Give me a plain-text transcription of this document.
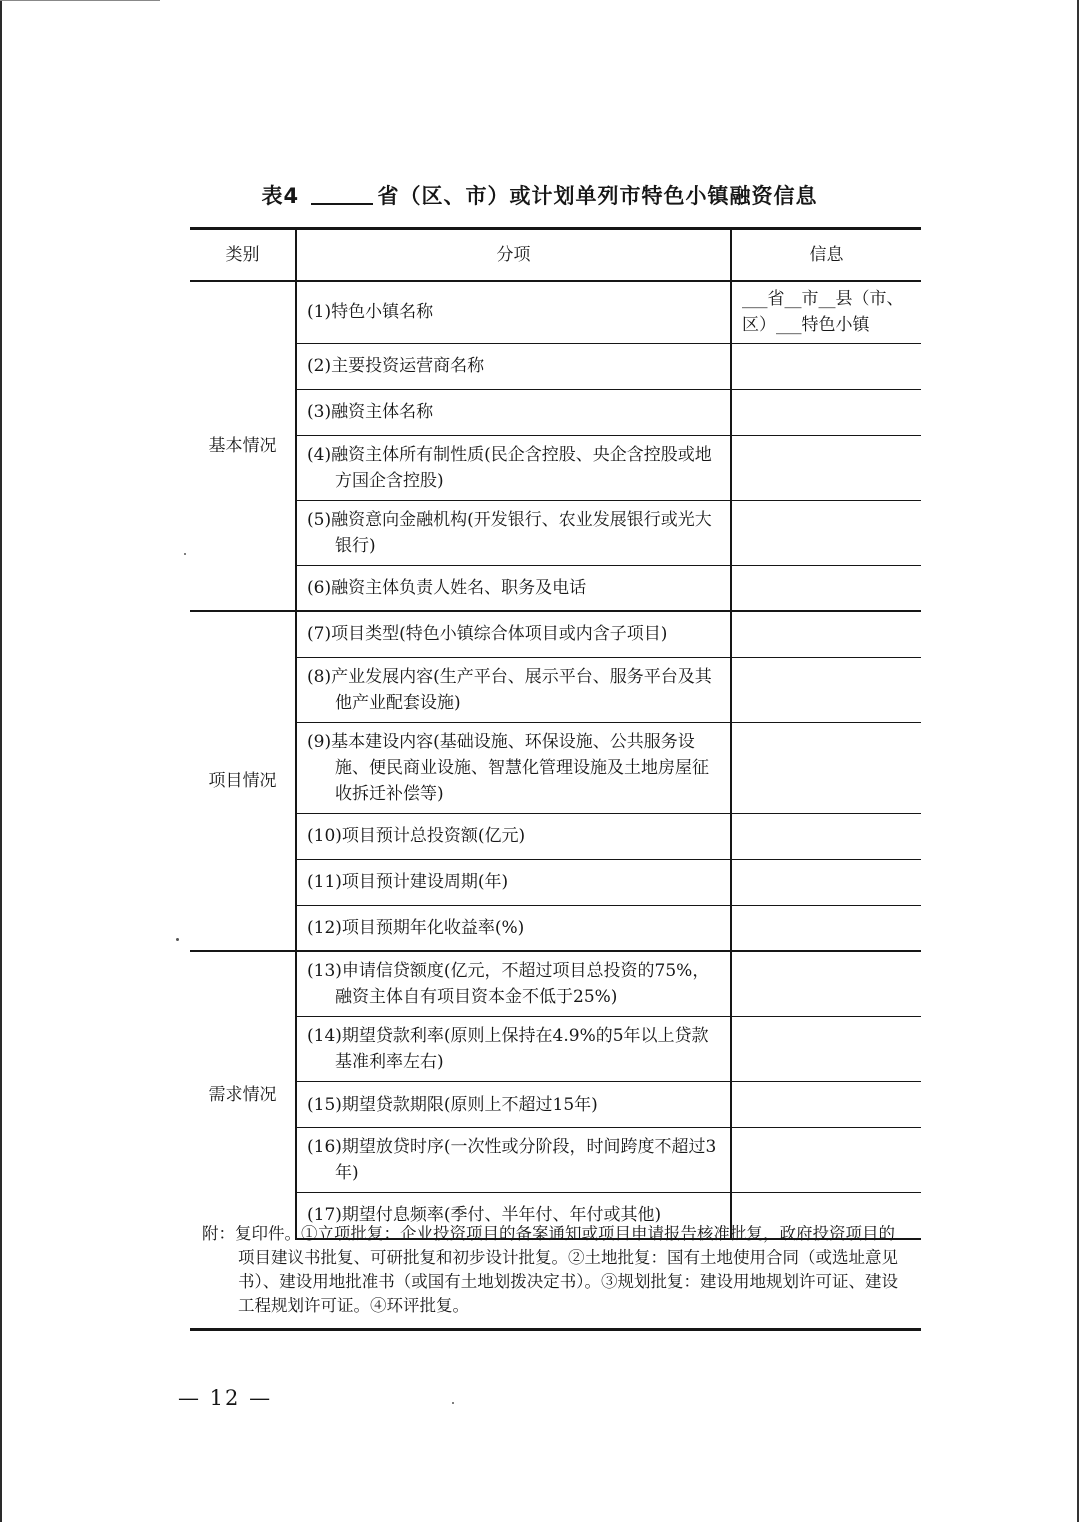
表4	省（区、市）或计划单列市特色小镇融资信息
类别	分项	信息
基本情况	(1)特色小镇名称	___省__市__县（市、区）___特色小镇

	(2)主要投资运营商名称	

	(3)融资主体名称	

	(4)融资主体所有制性质(民企含控股、央企含控股或地方国企含控股)	

	(5)融资意向金融机构(开发银行、农业发展银行或光大银行)	

	(6)融资主体负责人姓名、职务及电话	

项目情况	(7)项目类型(特色小镇综合体项目或内含子项目)	

	(8)产业发展内容(生产平台、展示平台、服务平台及其他产业配套设施)	

	(9)基本建设内容(基础设施、环保设施、公共服务设施、便民商业设施、智慧化管理设施及土地房屋征收拆迁补偿等)	

	(10)项目预计总投资额(亿元)	

	(11)项目预计建设周期(年)	

	(12)项目预期年化收益率(%)	

需求情况	(13)申请信贷额度(亿元，不超过项目总投资的75%，融资主体自有项目资本金不低于25%)	

	(14)期望贷款利率(原则上保持在4.9%的5年以上贷款基准利率左右)	

	(15)期望贷款期限(原则上不超过15年)	

	(16)期望放贷时序(一次性或分阶段，时间跨度不超过3年)	

	(17)期望付息频率(季付、半年付、年付或其他)	

附：复印件。①立项批复：企业投资项目的备案通知或项目申请报告核准批复，政府投资项目的项目建议书批复、可研批复和初步设计批复。②土地批复：国有土地使用合同（或选址意见书）、建设用地批准书（或国有土地划拨决定书）。③规划批复：建设用地规划许可证、建设工程规划许可证。④环评批复。
— 12 —
